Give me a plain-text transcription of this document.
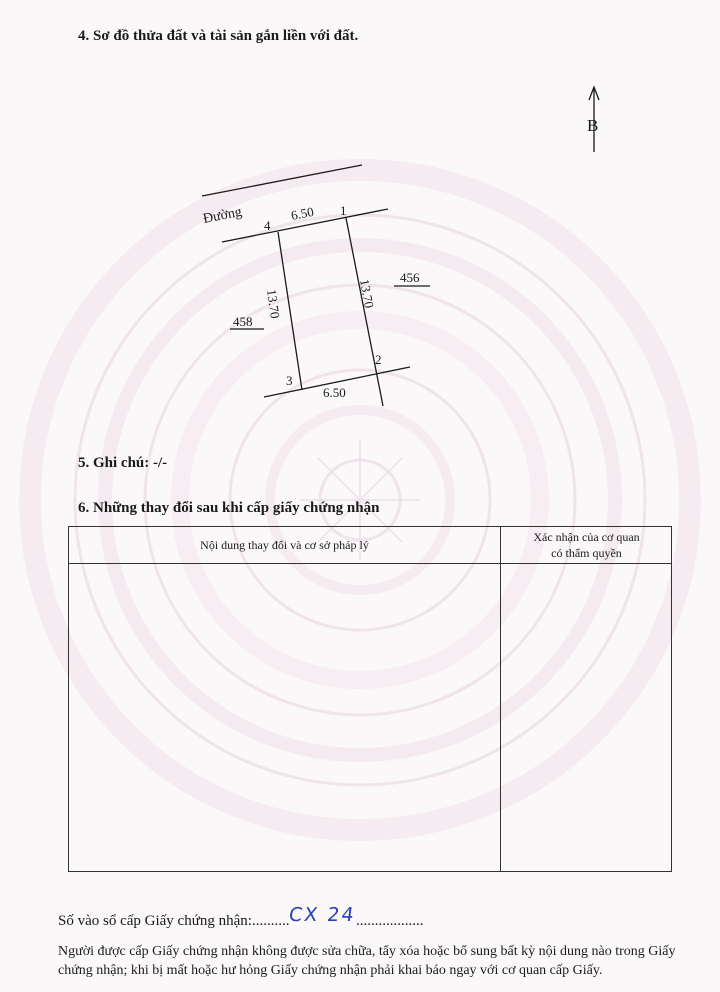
4. Sơ đồ thửa đất và tài sản gắn liền với đất.

B
Đường	1
2
3
4
6.50
6.50
13.70	13.70
458
456

5. Ghi chú: -/-

6. Những thay đổi sau khi cấp giấy chứng nhận

Nội dung thay đổi và cơ sở pháp lý
Xác nhận của cơ quan
có thẩm quyền

Số vào sổ cấp Giấy chứng nhận:..........CX 24..................

Người được cấp Giấy chứng nhận không được sửa chữa, tẩy xóa hoặc bổ sung bất kỳ nội dung nào trong Giấy chứng nhận; khi bị mất hoặc hư hỏng Giấy chứng nhận phải khai báo ngay với cơ quan cấp Giấy.
